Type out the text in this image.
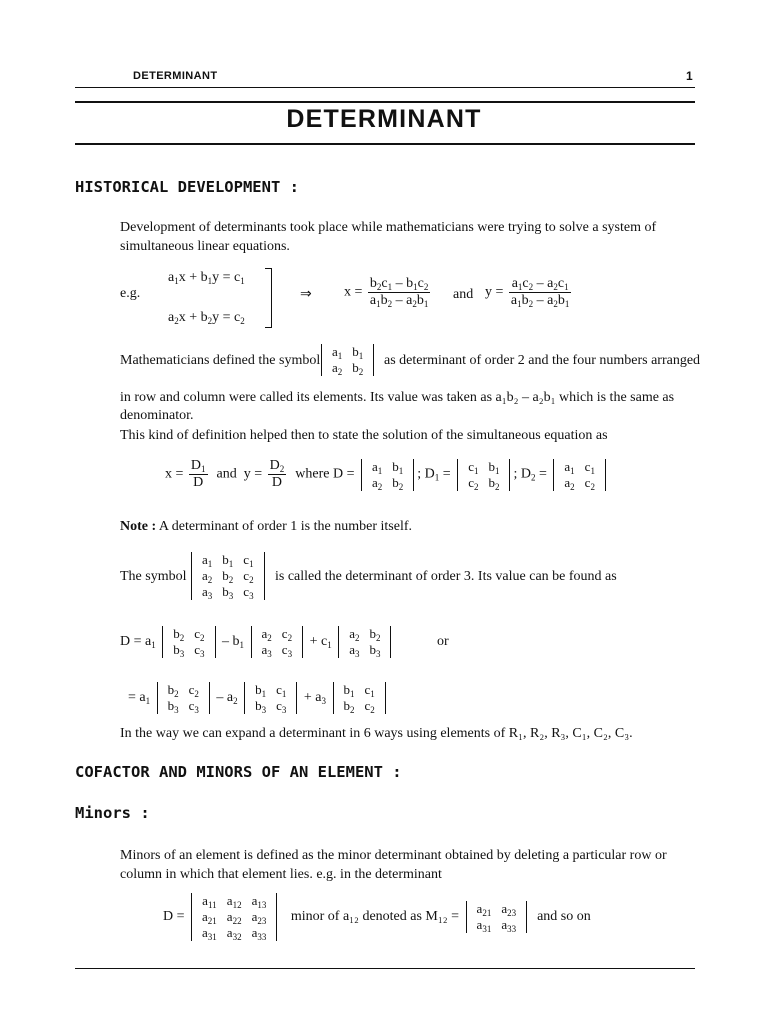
DETERMINANT	1
DETERMINANT
HISTORICAL DEVELOPMENT :
Development of determinants took place while mathematicians were trying to solve a system of simultaneous linear equations.
e.g.
$a_1x + b_1y = c_1$
$a_2x + b_2y = c_2$
⇒ $x = \frac{b_2c_1 - b_1c_2}{a_1b_2 - a_2b_1}$ and $y = \frac{a_1c_2 - a_2c_1}{a_1b_2 - a_2b_1}$
Mathematicians defined the symbol
$a_1$	$b_1$
$a_2$	$b_2$
as determinant of order 2 and the four numbers arranged
in row and column were called its elements. Its value was taken as a₁b₂ – a₂b₁ which is the same as
denominator.
This kind of definition helped then to state the solution of the simultaneous equation as
$x = \frac{D_1}{D}$ and  $y = \frac{D_2}{D}$ where D =
$a_1$	$b_1$
$a_2$	$b_2$
; $D_1$ =
$c_1$	$b_1$
$c_2$	$b_2$
; $D_2$ =
$a_1$	$c_1$
$a_2$	$c_2$
Note : A determinant of order 1 is the number itself.
The symbol
$a_1$	$b_1$	$c_1$
$a_2$	$b_2$	$c_2$
$a_3$	$b_3$	$c_3$
is called the determinant of order 3. Its value can be found as
$D = a_1$
$b_2$	$c_2$
$b_3$	$c_3$
– $b_1$
$a_2$	$c_2$
$a_3$	$c_3$
+ $c_1$
$a_2$	$b_2$
$a_3$	$b_3$
or
= $a_1$
$b_2$	$c_2$
$b_3$	$c_3$
– $a_2$
$b_1$	$c_1$
$b_3$	$c_3$
+ $a_3$
$b_1$	$c_1$
$b_2$	$c_2$
In the way we can expand a determinant in 6 ways using elements of R₁, R₂, R₃, C₁, C₂, C₃.
COFACTOR AND MINORS OF AN ELEMENT :
Minors :
Minors of an element is defined as the minor determinant obtained by deleting a particular row or column in which that element lies. e.g. in the determinant
D =
$a_{11}$	$a_{12}$	$a_{13}$
$a_{21}$	$a_{22}$	$a_{23}$
$a_{31}$	$a_{32}$	$a_{33}$
minor of a₁₂ denoted as M₁₂ =
$a_{21}$	$a_{23}$
$a_{31}$	$a_{33}$
and so on
